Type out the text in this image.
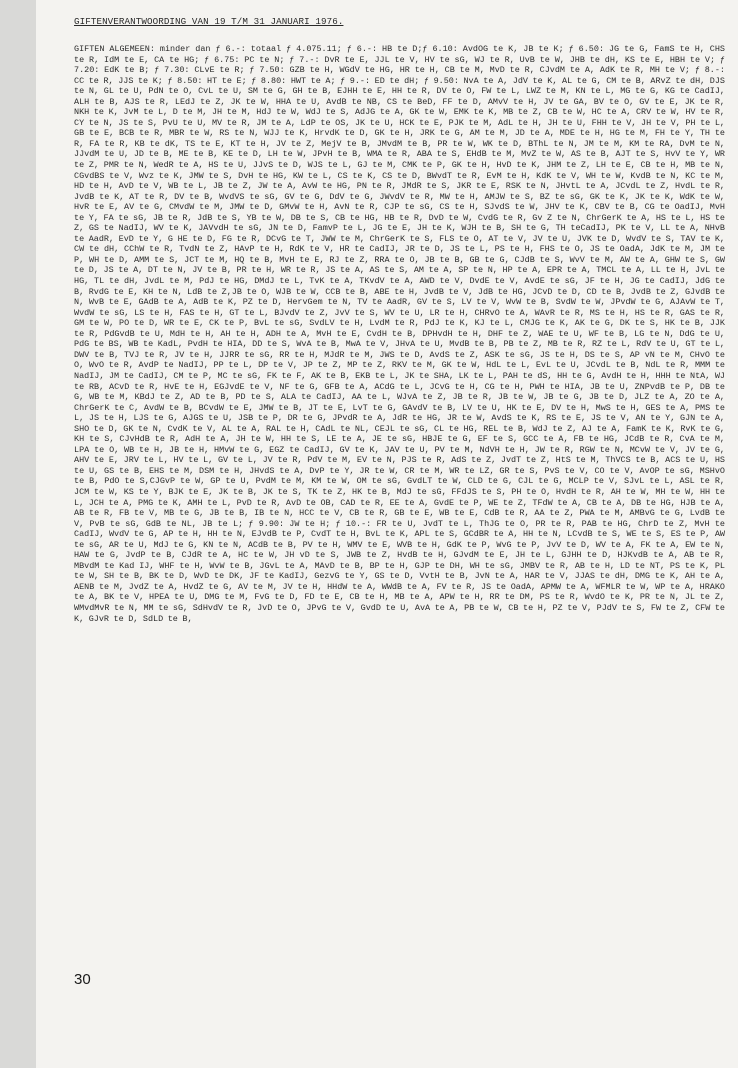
GIFTENVERANTWOORDING VAN 19 T/M 31 JANUARI 1976.
GIFTEN ALGEMEEN: minder dan ƒ 6.-: totaal ƒ 4.075.11; ƒ 6.-: HB te D;ƒ 6.10: AvdOG te K, JB te K; ƒ 6.50: JG te G, FamS te H, CHS te R, IdM te E, CA te HG; ƒ 6.75: PC te N; ƒ 7.-: DvR te E, JJL te V, HV te sG, WJ te R, UvB te W, JHB te dH, KS te E, HBH te V; ƒ 7.20: EdK te B; ƒ 7.30: CLvE te R; ƒ 7.50: GZB te H, WGdV te HG, HR te H, CB te M, MvD te R, CJvdM te A, AdK te R, MH te V; ƒ 8.-: CC te R, JJS te K; ƒ 8.50: HT te E; ƒ 8.80: HWT te A; ƒ 9.-: ED te dH; ƒ 9.50: NvA te A, JdV te K, AL te G, CM te B, ARvZ te dH, DJS te N, GL te U, PdN te O, CvL te U, SM te G, GH te B, EJHH te E, HH te R, DV te O, FW te L, LWZ te M, KN te L, MG te G, KG te CadIJ, ALH te B, AJS te R, LEdJ te Z, JK te W, HHA te U, AvdB te NB, CS te BeD, FF te D, AMvV te H, JV te GA, BV te O, GV te E, JK te R, NKH te K, JvM te L, D te M, JH te M, HdJ te W, WdJ te S, AdJG te A, GK te W, EMK te K, MB te Z, CB te W, HC te A, CRV te W, HV te R, CY te N, JS te S, PvU te U, MV te R, JM te A, LdP te OS, JK te U, HCK te E, PJK te M, AdL te H, JH te U, FHH te V, JH te V, PH te L, GB te E, BCB te R, MBR te W, RS te N, WJJ te K, HrvdK te D, GK te H, JRK te G, AM te M, JD te A, MDE te H, HG te M, FH te Y, TH te R, FA te R, KB te dK, TS te E, KT te H, JV te Z, MejV te B, JMvdM te B, PR te W, WK te D, BThL te N, JM te M, KM te RA, DvM te N, JJvdM te U, JD te B, ME te B, KE te D, LH te W, JPvH te B, WMA te R, ABA te S, EHdB te M, MvZ te W, AS te B, AJT te S, HvV te Y, WR te Z, PMR te N, WedR te A, HS te U, JJvS te D, WJS te L, GJ te M, CMK te P, GK te H, HvD te K, JHM te Z, LH te E, CB te H, MB te N, CGvdBS te V, Wvz te K, JMW te S, DvH te HG, KW te L, CS te K, CS te D, BWvdT te R, EvM te H, KdK te V, WH te W, KvdB te N, KC te M, HD te H, AvD te V, WB te L, JB te Z, JW te A, AvW te HG, PN te R, JMdR te S, JKR te E, RSK te N, JHvtL te A, JCvdL te Z, HvdL te R, JvdB te K, AT te R, DV te B, WvdVS te sG, GV te G, DdV te G, JWvdV te R, MW te H, AMJW te S, BZ te sG, GK te K, JK te K, WdK te W, HvR te E, AV te G, CMvdW te M, JMW te D, GMvW te H, AvN te R, CJP te sG, CS te H, SJvdS te W, JHV te K, CBV te B, CG te OadIJ, MvH te Y, FA te sG, JB te R, JdB te S, YB te W, DB te S, CB te HG, HB te R, DvD te W, CvdG te R, Gv Z te N, ChrGerK te A, HS te L, HS te Z, GS te NadIJ, WV te K, JAVvdH te sG, JN te D, FamvP te L, JG te E, JH te K, WJH te B, SH te G, TH teCadIJ, PK te V, LL te A, NHvB te AadR, EvD te Y, G HE te D, FG te R, DCvG te T, JWW te M, ChrGerK te S, FLS te O, AT te V, JV te U, JVK te D, WvdV te S, TAV te K, CW te dH, CChW te R, TvdN te Z, HAvP te H, RdK te V, HR te CadIJ, JR te D, JS te L, PS te H, FHS te O, JS te OadA, JdK te M, JM te P, WH te D, AMM te S, JCT te M, HQ te B, MvH te E, RJ te Z, RRA te O, JB te B, GB te G, CJdB te S, WvV te M, AW te A, GHW te S, GW te D, JS te A, DT te N, JV te B, PR te H, WR te R, JS te A, AS te S, AM te A, SP te N, HP te A, EPR te A, TMCL te A, LL te H, JvL te HG, TL te dH, JvdL te M, PdJ te HG, DMdJ te L, TvK te A, TKvdV te A, AWD te V, DvdE te V, AvdE te sG, JF te H, JG te CadIJ, JdG te B, RvdG te E, KH te N, LdB te Z,JB te O, WJB te W, CCB te B, ABE te H, JvdB te V, JdB te HG, JCvD te D, CD te B, JvdB te Z, GJvdB te N, WvB te E, GAdB te A, AdB te K, PZ te D, HervGem te N, TV te AadR, GV te S, LV te V, WvW te B, SvdW te W, JPvdW te G, AJAvW te T, WvdW te sG, LS te H, FAS te H, GT te L, BJvdV te Z, JvV te S, WV te U, LR te H, CHRvO te A, WAvR te R, MS te H, HS te R, GAS te R, GM te W, PO te D, WR te E, CK te P, BvL te sG, SvdLV te H, LvdM te R, PdJ te K, KJ te L, CMJG te K, AK te G, DK te S, HK te B, JJK te R, PdGvdB te U, MdH te H, AH te H, ADH te A, MvH te E, CvdH te B, DPHvdH te H, DHF te Z, WAE te U, WF te B, LG te N, DdG te U, PdG te BS, WB te KadL, PvdH te HIA, DD te S, WvA te B, MwA te V, JHvA te U, MvdB te B, PB te Z, MB te R, RZ te L, RdV te U, GT te L, DWV te B, TVJ te R, JV te H, JJRR te sG, RR te H, MJdR te M, JWS te D, AvdS te Z, ASK te sG, JS te H, DS te S, AP vN te M, CHvO te O, WvO te R, AvdP te NadIJ, PP te L, DP te V, JP te Z, MP te Z, RKV te M, GK te W, HdL te L, EvL te U, JCvdL te B, NdL te R, MMM te NadIJ, JM te CadIJ, CM te P, MC te sG, FK te F, AK te B, EKB te L, JK te SHA, LK te L, PAH te dS, HH te G, AvdH te H, HHH te NtA, WJ te RB, ACvD te R, HvE te H, EGJvdE te V, NF te G, GFB te A, ACdG te L, JCvG te H, CG te H, PWH te HIA, JB te U, ZNPvdB te P, DB te G, WB te M, KBdJ te Z, AD te B, PD te S, ALA te CadIJ, AA te L, WJvA te Z, JB te R, JB te W, JB te G, JB te D, JLZ te A, ZO te A, ChrGerK te C, AvdW te B, BCvdW te E, JMW te B, JT te E, LvT te G, GAvdV te B, LV te U, HK te E, DV te H, MwS te H, GES te A, PMS te L, JS te H, LJS te G, AJGS te U, JSB te P, DR te G, JPvdR te A, JdR te HG, JR te W, AvdS te K, RS te E, JS te V, AN te Y, GJN te A, SHO te D, GK te N, CvdK te V, AL te A, RAL te H, CAdL te NL, CEJL te sG, CL te HG, REL te B, WdJ te Z, AJ te A, FamK te K, RvK te G, KH te S, CJvHdB te R, AdH te A, JH te W, HH te S, LE te A, JE te sG, HBJE te G, EF te S, GCC te A, FB te HG, JCdB te R, CvA te M, LPA te O, WB te H, JB te H, HMvW te G, EGZ te CadIJ, GV te K, JAV te U, PV te M, NdVH te H, JW te R, RGW te N, MCvW te V, JV te G, AHV te E, JRV te L, HV te L, GV te L, JV te R, PdV te M, EV te N, PJS te R, AdS te Z, JvdT te Z, HtS te M, ThVCS te B, ACS te U, HS te U, GS te B, EHS te M, DSM te H, JHvdS te A, DvP te Y, JR te W, CR te M, WR te LZ, GR te S, PvS te V, CO te V, AvOP te sG, MSHvO te B, PdO te S,CJGvP te W, GP te U, PvdM te M, KM te W, OM te sG, GvdLT te W, CLD te G, CJL te G, MCLP te V, SJvL te L, ASL te R, JCM te W, KS te Y, BJK te E, JK te B, JK te S, TK te Z, HK te B, MdJ te sG, FFdJS te S, PH te O, HvdH te R, AH te W, MH te W, HH te L, JCH te A, PMG te K, AMH te L, PvD te R, AvD te OB, CAD te R, EE te A, GvdE te P, WE te Z, TFdW te A, CB te A, DB te HG, HJB te A, AB te R, FB te V, MB te G, JB te B, IB te N, HCC te V, CB te R, GB te E, WB te E, CdB te R, AA te Z, PWA te M, AMBvG te G, LvdB te V, PvB te sG, GdB te NL, JB te L; ƒ 9.90: JW te H; ƒ 10.-: FR te U, JvdT te L, ThJG te O, PR te R, PAB te HG, ChrD te Z, MvH te CadIJ, WvdV te G, AP te H, HH te N, EJvdB te P, CvdT te H, BvL te K, APL te S, GCdBR te A, HH te N, LCvdB te S, WE te S, ES te P, AW te sG, AR te U, MdJ te G, KN te N, ACdB te B, PV te H, WMV te E, WVB te H, GdK te P, WvG te P, JvV te D, WV te A, FK te A, EW te N, HAW te G, JvdP te B, CJdR te A, HC te W, JH vD te S, JWB te Z, HvdB te H, GJvdM te E, JH te L, GJHH te D, HJKvdB te A, AB te R, MBvdM te Kad IJ, WHF te H, WvW te B, JGvL te A, MAvD te B, BP te H, GJP te DH, WH te sG, JMBV te R, AB te H, LD te NT, PS te K, PL te W, SH te B, BK te D, WvD te DK, JF te KadIJ, GezvG te Y, GS te D, VvtH te B, JvN te A, HAR te V, JJAS te dH, DMG te K, AH te A, AENB te M, JvdZ te A, HvdZ te G, AV te M, JV te H, HHdW te A, WWdB te A, FV te R, JS te OadA, APMW te A, WFMLR te W, WP te A, HRAKO te A, BK te V, HPEA te U, DMG te M, FvG te D, FD te E, CB te H, MB te A, APW te H, RR te DM, PS te R, WvdO te K, PR te N, JL te Z, WMvdMvR te N, MM te sG, SdHvdV te R, JvD te O, JPvG te V, GvdD te U, AvA te A, PB te W, CB te H, PZ te V, PJdV te S, FW te Z, CFW te K, GJvR te D, SdLD te B,
30
